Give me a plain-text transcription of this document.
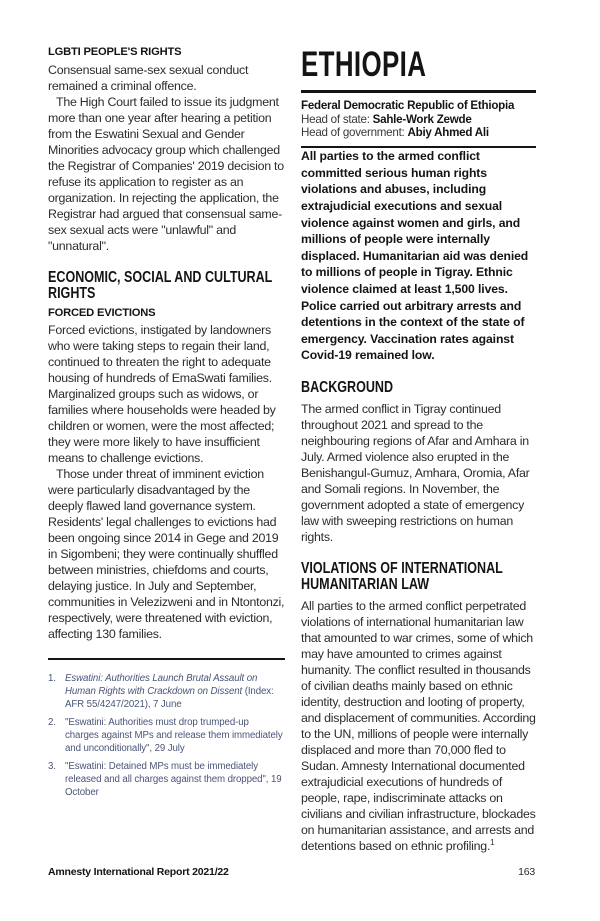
LGBTI PEOPLE'S RIGHTS

Consensual same-sex sexual conduct remained a criminal offence.

The High Court failed to issue its judgment more than one year after hearing a petition from the Eswatini Sexual and Gender Minorities advocacy group which challenged the Registrar of Companies' 2019 decision to refuse its application to register as an organization. In rejecting the application, the Registrar had argued that consensual same-sex sexual acts were "unlawful" and "unnatural".

ECONOMIC, SOCIAL AND CULTURAL RIGHTS
FORCED EVICTIONS

Forced evictions, instigated by landowners who were taking steps to regain their land, continued to threaten the right to adequate housing of hundreds of EmaSwati families. Marginalized groups such as widows, or families where households were headed by children or women, were the most affected; they were more likely to have insufficient means to challenge evictions.

Those under threat of imminent eviction were particularly disadvantaged by the deeply flawed land governance system. Residents' legal challenges to evictions had been ongoing since 2014 in Gege and 2019 in Sigombeni; they were continually shuffled between ministries, chiefdoms and courts, delaying justice. In July and September, communities in Velezizweni and in Ntontonzi, respectively, were threatened with eviction, affecting 130 families.

1. Eswatini: Authorities Launch Brutal Assault on Human Rights with Crackdown on Dissent (Index: AFR 55/4247/2021), 7 June
2. "Eswatini: Authorities must drop trumped-up charges against MPs and release them immediately and unconditionally", 29 July
3. "Eswatini: Detained MPs must be immediately released and all charges against them dropped", 19 October
ETHIOPIA

Federal Democratic Republic of Ethiopia

Head of state: Sahle-Work Zewde

Head of government: Abiy Ahmed Ali

All parties to the armed conflict committed serious human rights violations and abuses, including extrajudicial executions and sexual violence against women and girls, and millions of people were internally displaced. Humanitarian aid was denied to millions of people in Tigray. Ethnic violence claimed at least 1,500 lives. Police carried out arbitrary arrests and detentions in the context of the state of emergency. Vaccination rates against Covid-19 remained low.

BACKGROUND

The armed conflict in Tigray continued throughout 2021 and spread to the neighbouring regions of Afar and Amhara in July. Armed violence also erupted in the Benishangul-Gumuz, Amhara, Oromia, Afar and Somali regions. In November, the government adopted a state of emergency law with sweeping restrictions on human rights.

VIOLATIONS OF INTERNATIONAL HUMANITARIAN LAW

All parties to the armed conflict perpetrated violations of international humanitarian law that amounted to war crimes, some of which may have amounted to crimes against humanity. The conflict resulted in thousands of civilian deaths mainly based on ethnic identity, destruction and looting of property, and displacement of communities. According to the UN, millions of people were internally displaced and more than 70,000 fled to Sudan. Amnesty International documented extrajudicial executions of hundreds of people, rape, indiscriminate attacks on civilians and civilian infrastructure, blockades on humanitarian assistance, and arrests and detentions based on ethnic profiling.$^1$

Amnesty International Report 2021/22	163
